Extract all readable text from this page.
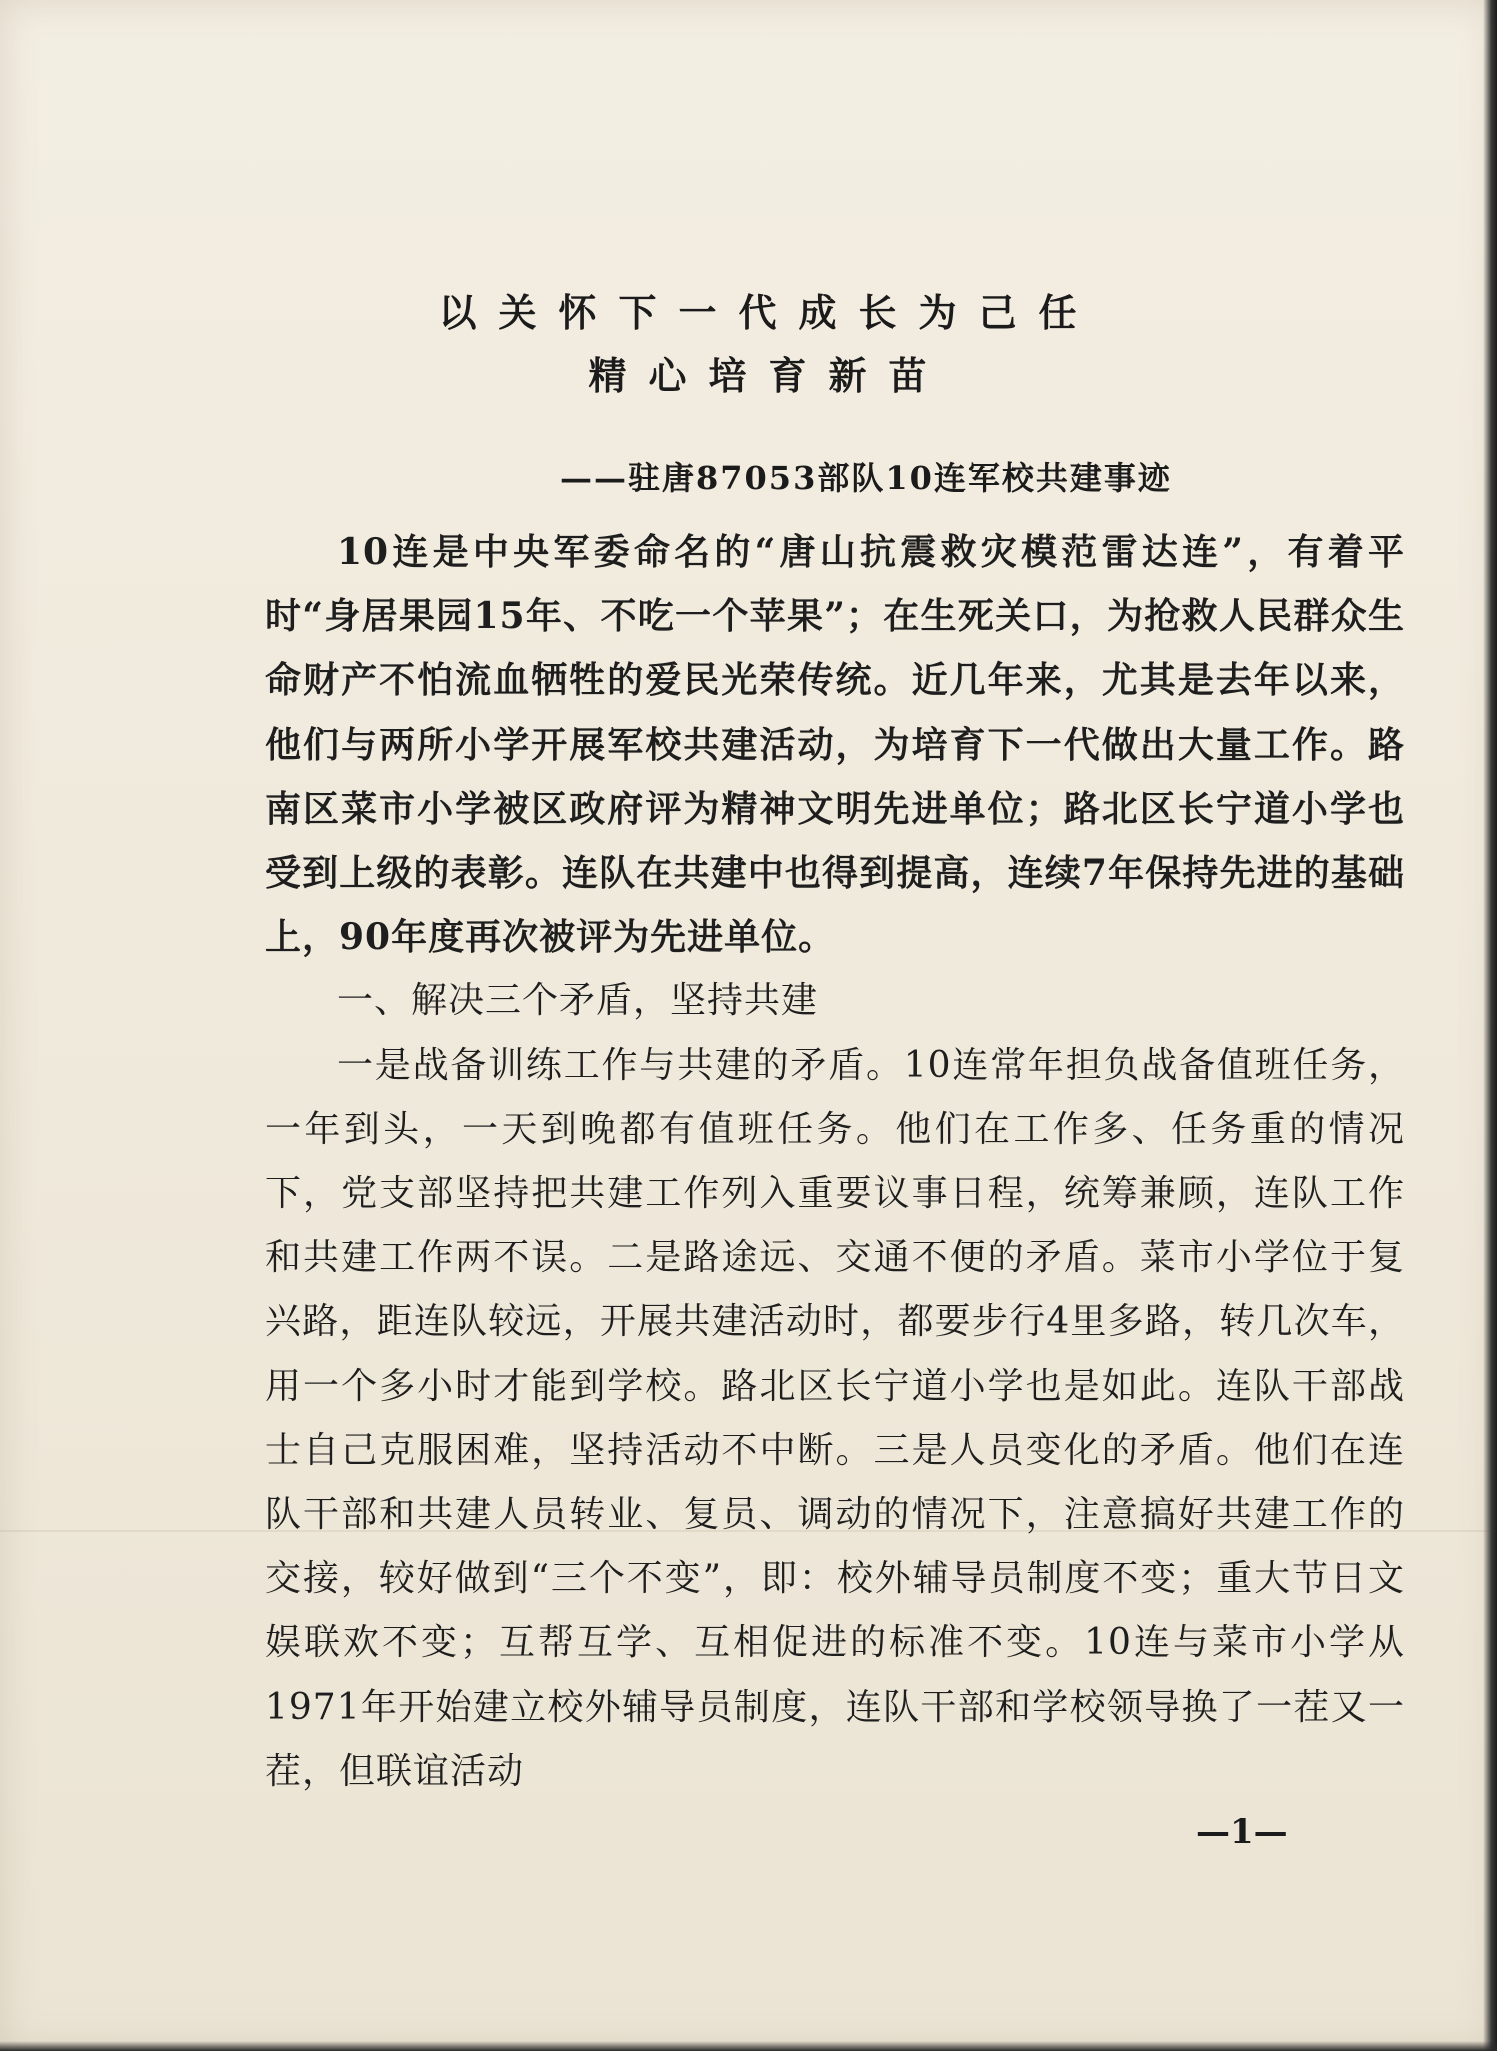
以关怀下一代成长为己任
精心培育新苗
——驻唐87053部队10连军校共建事迹

10连是中央军委命名的“唐山抗震救灾模范雷达连”，有着平时“身居果园15年、不吃一个苹果”；在生死关口，为抢救人民群众生命财产不怕流血牺牲的爱民光荣传统。近几年来，尤其是去年以来，他们与两所小学开展军校共建活动，为培育下一代做出大量工作。路南区菜市小学被区政府评为精神文明先进单位；路北区长宁道小学也受到上级的表彰。连队在共建中也得到提高，连续7年保持先进的基础上，90年度再次被评为先进单位。

一、解决三个矛盾，坚持共建

一是战备训练工作与共建的矛盾。10连常年担负战备值班任务，一年到头，一天到晚都有值班任务。他们在工作多、任务重的情况下，党支部坚持把共建工作列入重要议事日程，统筹兼顾，连队工作和共建工作两不误。二是路途远、交通不便的矛盾。菜市小学位于复兴路，距连队较远，开展共建活动时，都要步行4里多路，转几次车，用一个多小时才能到学校。路北区长宁道小学也是如此。连队干部战士自己克服困难，坚持活动不中断。三是人员变化的矛盾。他们在连队干部和共建人员转业、复员、调动的情况下，注意搞好共建工作的交接，较好做到“三个不变”，即：校外辅导员制度不变；重大节日文娱联欢不变；互帮互学、互相促进的标准不变。10连与菜市小学从1971年开始建立校外辅导员制度，连队干部和学校领导换了一茬又一茬，但联谊活动

—1—
